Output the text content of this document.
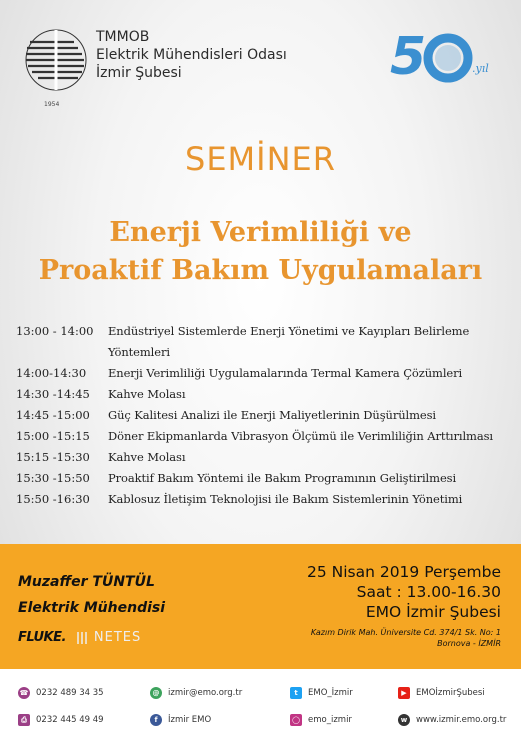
1954
TMMOB
Elektrik Mühendisleri Odası
İzmir Şubesi	5	.yıl
SEMİNER
Enerji Verimliliği ve
Proaktif Bakım Uygulamaları
13:00 - 14:00	Endüstriyel Sistemlerde Enerji Yönetimi ve Kayıpları Belirleme
Yöntemleri
14:00-14:30	Enerji Verimliliği Uygulamalarında Termal Kamera Çözümleri
14:30 -14:45	Kahve Molası
14:45 -15:00	Güç Kalitesi Analizi ile Enerji Maliyetlerinin Düşürülmesi
15:00 -15:15	Döner Ekipmanlarda Vibrasyon Ölçümü ile Verimliliğin Arttırılması
15:15 -15:30	Kahve Molası
15:30 -15:50	Proaktif Bakım Yöntemi ile Bakım Programının Geliştirilmesi
15:50 -16:30	Kablosuz İletişim Teknolojisi ile Bakım Sistemlerinin Yönetimi
Muzaffer TÜNTÜL
Elektrik Mühendisi
FLUKE. NETES
25 Nisan 2019 Perşembe
Saat : 13.00-16.30
EMO İzmir Şubesi
Kazım Dirik Mah. Üniversite Cd. 374/1 Sk. No: 1
Bornova - İZMİR
☎ 0232 489 34 35	@ izmir@emo.org.tr	t	EMO_İzmir	▶	EMOİzmirŞubesi
⎙	0232 445 49 49	f	İzmir EMO	◯ emo_izmir	w	www.izmir.emo.org.tr
